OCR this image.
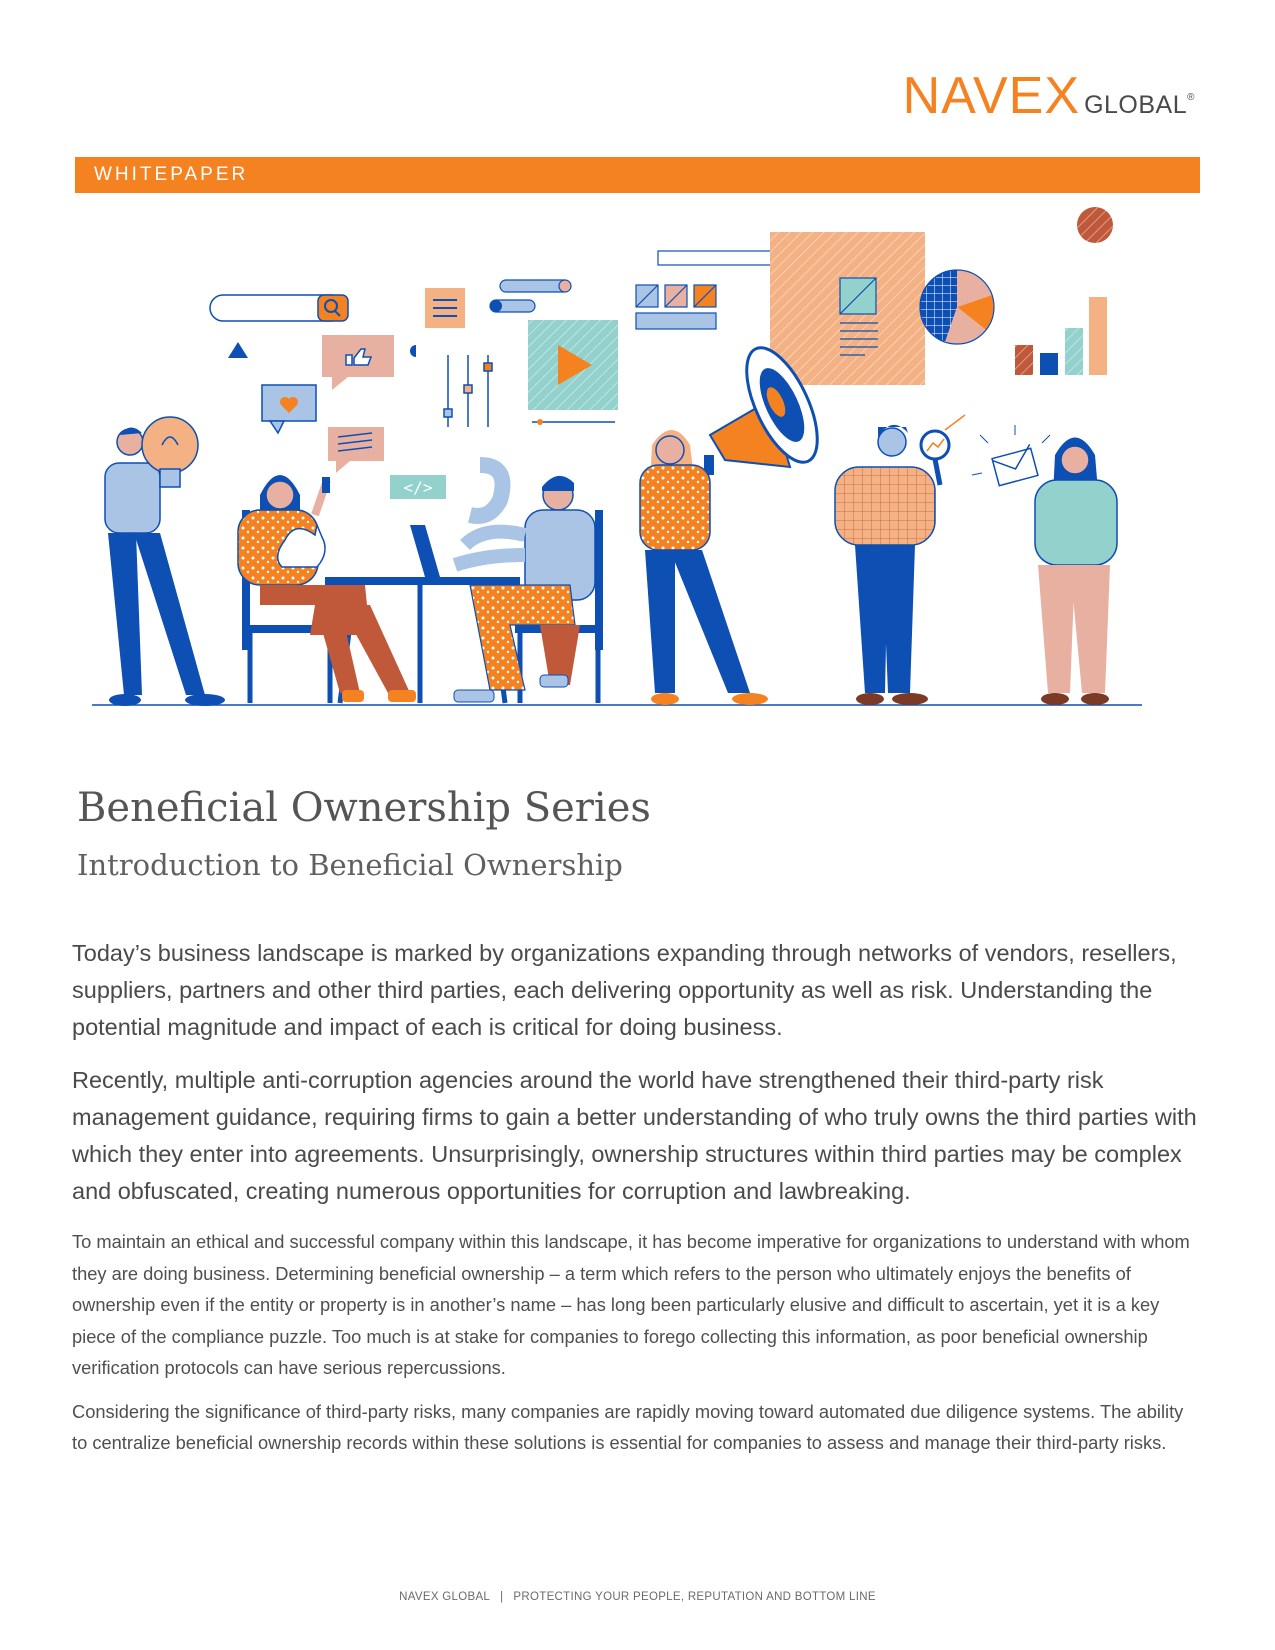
NAVEX GLOBAL®
WHITEPAPER
</>
Beneficial Ownership Series
Introduction to Beneficial Ownership

Today’s business landscape is marked by organizations expanding through networks of vendors, resellers, suppliers, partners and other third parties, each delivering opportunity as well as risk. Understanding the potential magnitude and impact of each is critical for doing business.

Recently, multiple anti-corruption agencies around the world have strengthened their third-party risk management guidance, requiring firms to gain a better understanding of who truly owns the third parties with which they enter into agreements. Unsurprisingly, ownership structures within third parties may be complex and obfuscated, creating numerous opportunities for corruption and lawbreaking.

To maintain an ethical and successful company within this landscape, it has become imperative for organizations to understand with whom they are doing business. Determining beneficial ownership – a term which refers to the person who ultimately enjoys the benefits of ownership even if the entity or property is in another’s name – has long been particularly elusive and difficult to ascertain, yet it is a key piece of the compliance puzzle. Too much is at stake for companies to forego collecting this information, as poor beneficial ownership verification protocols can have serious repercussions.

Considering the significance of third-party risks, many companies are rapidly moving toward automated due diligence systems. The ability to centralize beneficial ownership records within these solutions is essential for companies to assess and manage their third-party risks.

NAVEX GLOBAL | PROTECTING YOUR PEOPLE, REPUTATION AND BOTTOM LINE
